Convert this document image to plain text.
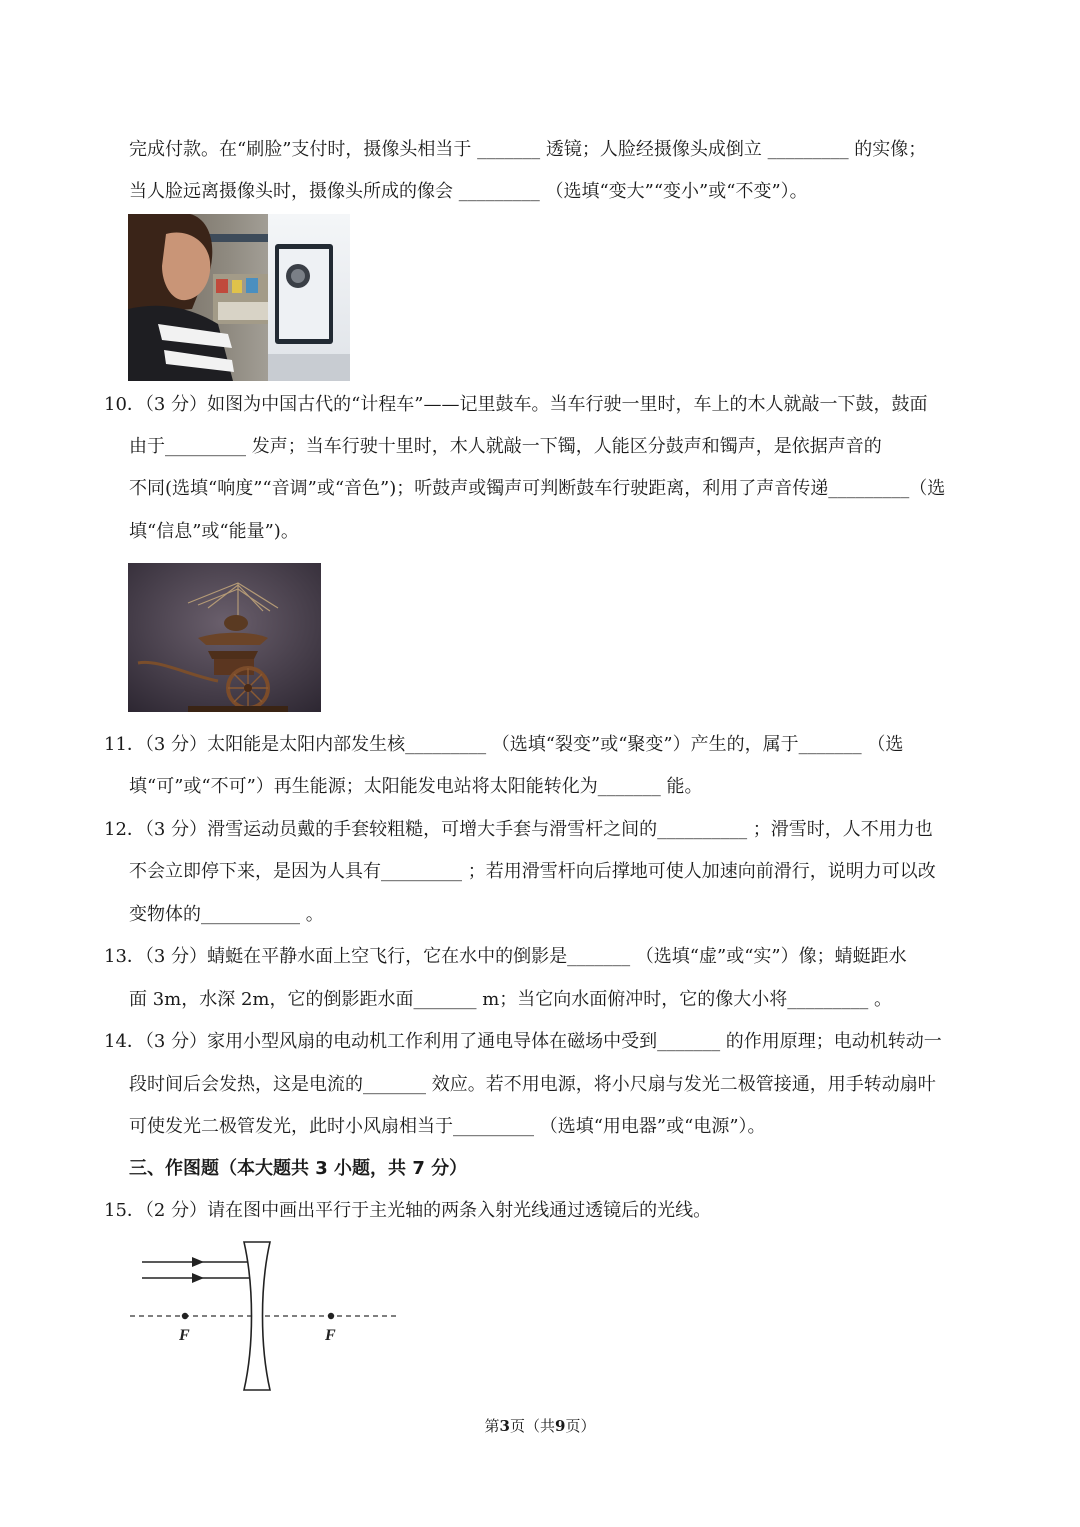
完成付款。在“刷脸”支付时，摄像头相当于 _______ 透镜；人脸经摄像头成倒立 _________ 的实像；
当人脸远离摄像头时，摄像头所成的像会 _________ （选填“变大”“变小”或“不变”）。
10．（3 分）如图为中国古代的“计程车”——记里鼓车。当车行驶一里时，车上的木人就敲一下鼓，鼓面
由于_________ 发声；当车行驶十里时，木人就敲一下镯，人能区分鼓声和镯声，是依据声音的
不同(选填“响度”“音调”或“音色”)；听鼓声或镯声可判断鼓车行驶距离，利用了声音传递_________（选
填“信息”或“能量”)。
11．（3 分）太阳能是太阳内部发生核_________ （选填“裂变”或“聚变”）产生的，属于_______ （选
填“可”或“不可”）再生能源；太阳能发电站将太阳能转化为_______ 能。
12．（3 分）滑雪运动员戴的手套较粗糙，可增大手套与滑雪杆之间的__________ ；滑雪时，人不用力也
不会立即停下来，是因为人具有_________ ；若用滑雪杆向后撑地可使人加速向前滑行，说明力可以改
变物体的___________ 。
13．（3 分）蜻蜓在平静水面上空飞行，它在水中的倒影是_______ （选填“虚”或“实”）像；蜻蜓距水
面 3m，水深 2m，它的倒影距水面_______ m；当它向水面俯冲时，它的像大小将_________ 。
14．（3 分）家用小型风扇的电动机工作利用了通电导体在磁场中受到_______ 的作用原理；电动机转动一
段时间后会发热，这是电流的_______ 效应。若不用电源，将小尺扇与发光二极管接通，用手转动扇叶
可使发光二极管发光，此时小风扇相当于_________ （选填“用电器”或“电源”）。
三、作图题（本大题共 3 小题，共 7 分）
15．（2 分）请在图中画出平行于主光轴的两条入射光线通过透镜后的光线。
F	F
第3页（共9页）
